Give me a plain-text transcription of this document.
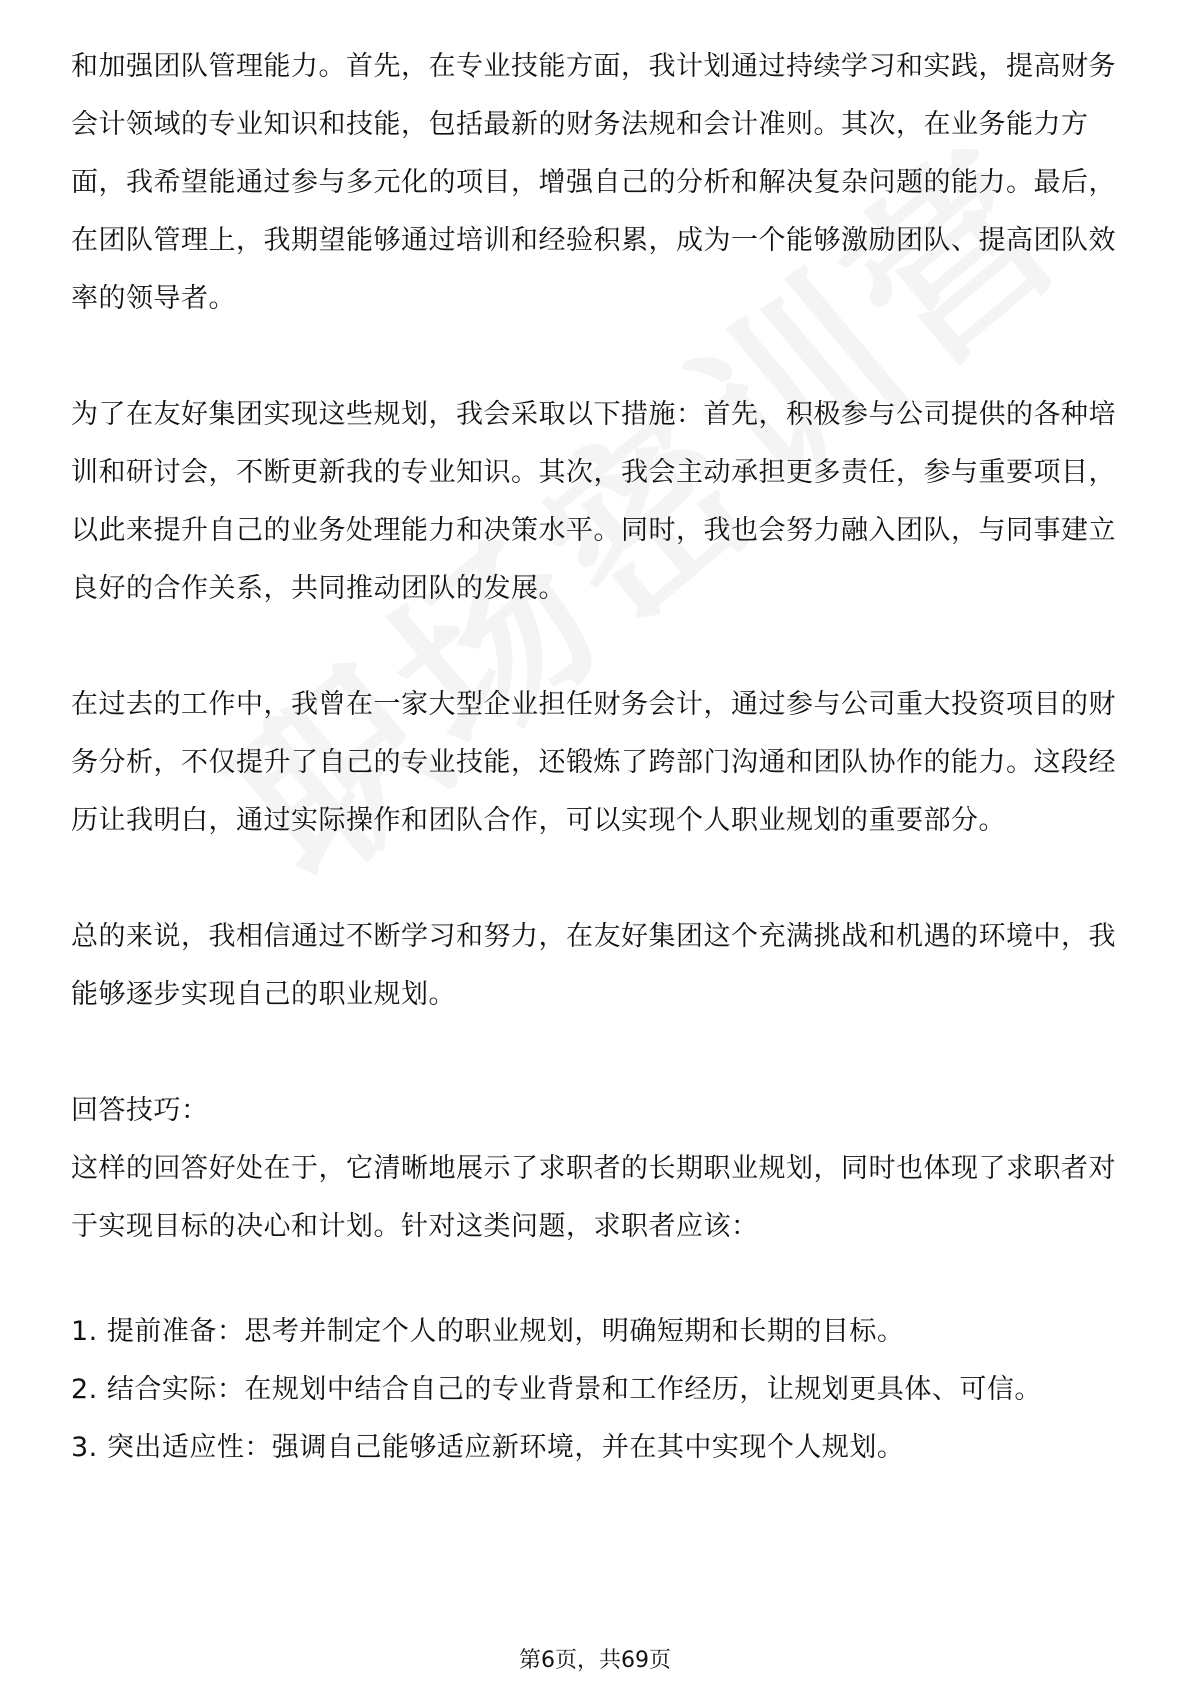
和加强团队管理能力。首先，在专业技能方面，我计划通过持续学习和实践，提高财务会计领域的专业知识和技能，包括最新的财务法规和会计准则。其次，在业务能力方面，我希望能通过参与多元化的项目，增强自己的分析和解决复杂问题的能力。最后，在团队管理上，我期望能够通过培训和经验积累，成为一个能够激励团队、提高团队效率的领导者。

为了在友好集团实现这些规划，我会采取以下措施：首先，积极参与公司提供的各种培训和研讨会，不断更新我的专业知识。其次，我会主动承担更多责任，参与重要项目，以此来提升自己的业务处理能力和决策水平。同时，我也会努力融入团队，与同事建立良好的合作关系，共同推动团队的发展。

在过去的工作中，我曾在一家大型企业担任财务会计，通过参与公司重大投资项目的财务分析，不仅提升了自己的专业技能，还锻炼了跨部门沟通和团队协作的能力。这段经历让我明白，通过实际操作和团队合作，可以实现个人职业规划的重要部分。

总的来说，我相信通过不断学习和努力，在友好集团这个充满挑战和机遇的环境中，我能够逐步实现自己的职业规划。

回答技巧：

这样的回答好处在于，它清晰地展示了求职者的长期职业规划，同时也体现了求职者对于实现目标的决心和计划。针对这类问题，求职者应该：

1. 提前准备：思考并制定个人的职业规划，明确短期和长期的目标。

2. 结合实际：在规划中结合自己的专业背景和工作经历，让规划更具体、可信。

3. 突出适应性：强调自己能够适应新环境，并在其中实现个人规划。

第6页，共69页
